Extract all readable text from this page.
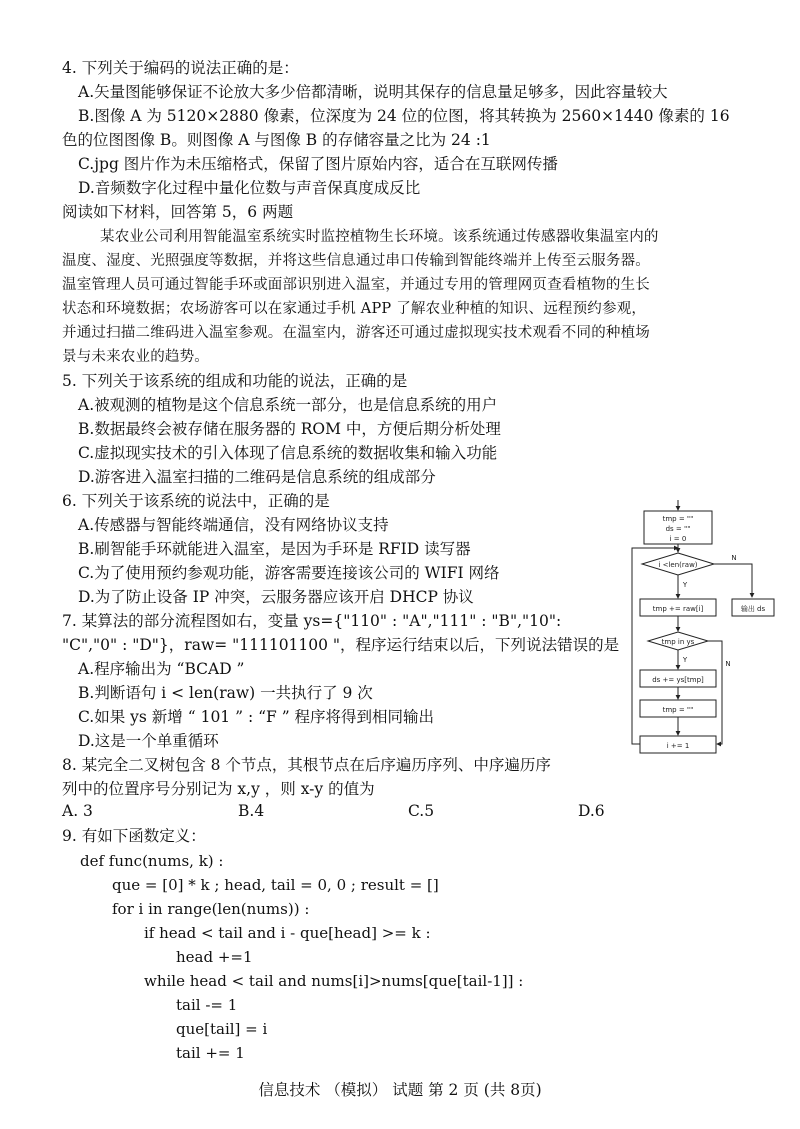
4. 下列关于编码的说法正确的是：
A.矢量图能够保证不论放大多少倍都清晰，说明其保存的信息量足够多，因此容量较大
B.图像 A 为 5120×2880 像素，位深度为 24 位的位图，将其转换为 2560×1440 像素的 16
色的位图图像 B。则图像 A 与图像 B 的存储容量之比为 24 :1
C.jpg 图片作为未压缩格式，保留了图片原始内容，适合在互联网传播
D.音频数字化过程中量化位数与声音保真度成反比
阅读如下材料，回答第 5，6 两题
某农业公司利用智能温室系统实时监控植物生长环境。该系统通过传感器收集温室内的
温度、湿度、光照强度等数据，并将这些信息通过串口传输到智能终端并上传至云服务器。
温室管理人员可通过智能手环或面部识别进入温室，并通过专用的管理网页查看植物的生长
状态和环境数据；农场游客可以在家通过手机 APP 了解农业种植的知识、远程预约参观，
并通过扫描二维码进入温室参观。在温室内，游客还可通过虚拟现实技术观看不同的种植场
景与未来农业的趋势。
5. 下列关于该系统的组成和功能的说法，正确的是
A.被观测的植物是这个信息系统一部分，也是信息系统的用户
B.数据最终会被存储在服务器的 ROM 中，方便后期分析处理
C.虚拟现实技术的引入体现了信息系统的数据收集和输入功能
D.游客进入温室扫描的二维码是信息系统的组成部分
6. 下列关于该系统的说法中，正确的是
A.传感器与智能终端通信，没有网络协议支持
B.刷智能手环就能进入温室，是因为手环是 RFID 读写器
C.为了使用预约参观功能，游客需要连接该公司的 WIFI 网络
D.为了防止设备 IP 冲突，云服务器应该开启 DHCP 协议
7. 某算法的部分流程图如右，变量 ys={"110" : "A","111" : "B","10":
"C","0" : "D"}，raw= "111101100 "，程序运行结束以后，下列说法错误的是
A.程序输出为 “BCAD ”
B.判断语句 i < len(raw) 一共执行了 9 次
C.如果 ys 新增 “ 101 ” : “F ” 程序将得到相同输出
D.这是一个单重循环
tmp = ""
ds = ""
i = 0
i <len(raw)
N
Y
tmp += raw[i]	输出 ds
tmp in ys
Y	N
ds += ys[tmp]
tmp = ""
i += 1
8. 某完全二叉树包含 8 个节点，其根节点在后序遍历序列、中序遍历序
列中的位置序号分别记为 x,y ，则 x-y 的值为
A. 3	B.4	C.5	D.6
9. 有如下函数定义：
def func(nums, k) :
que = [0] * k ; head, tail = 0, 0 ; result = []
for i in range(len(nums)) :
if head < tail and i - que[head] >= k :
head +=1
while head < tail and nums[i]>nums[que[tail-1]] :
tail -= 1
que[tail] = i
tail += 1
信息技术 （模拟） 试题 第 2 页 (共 8页)
